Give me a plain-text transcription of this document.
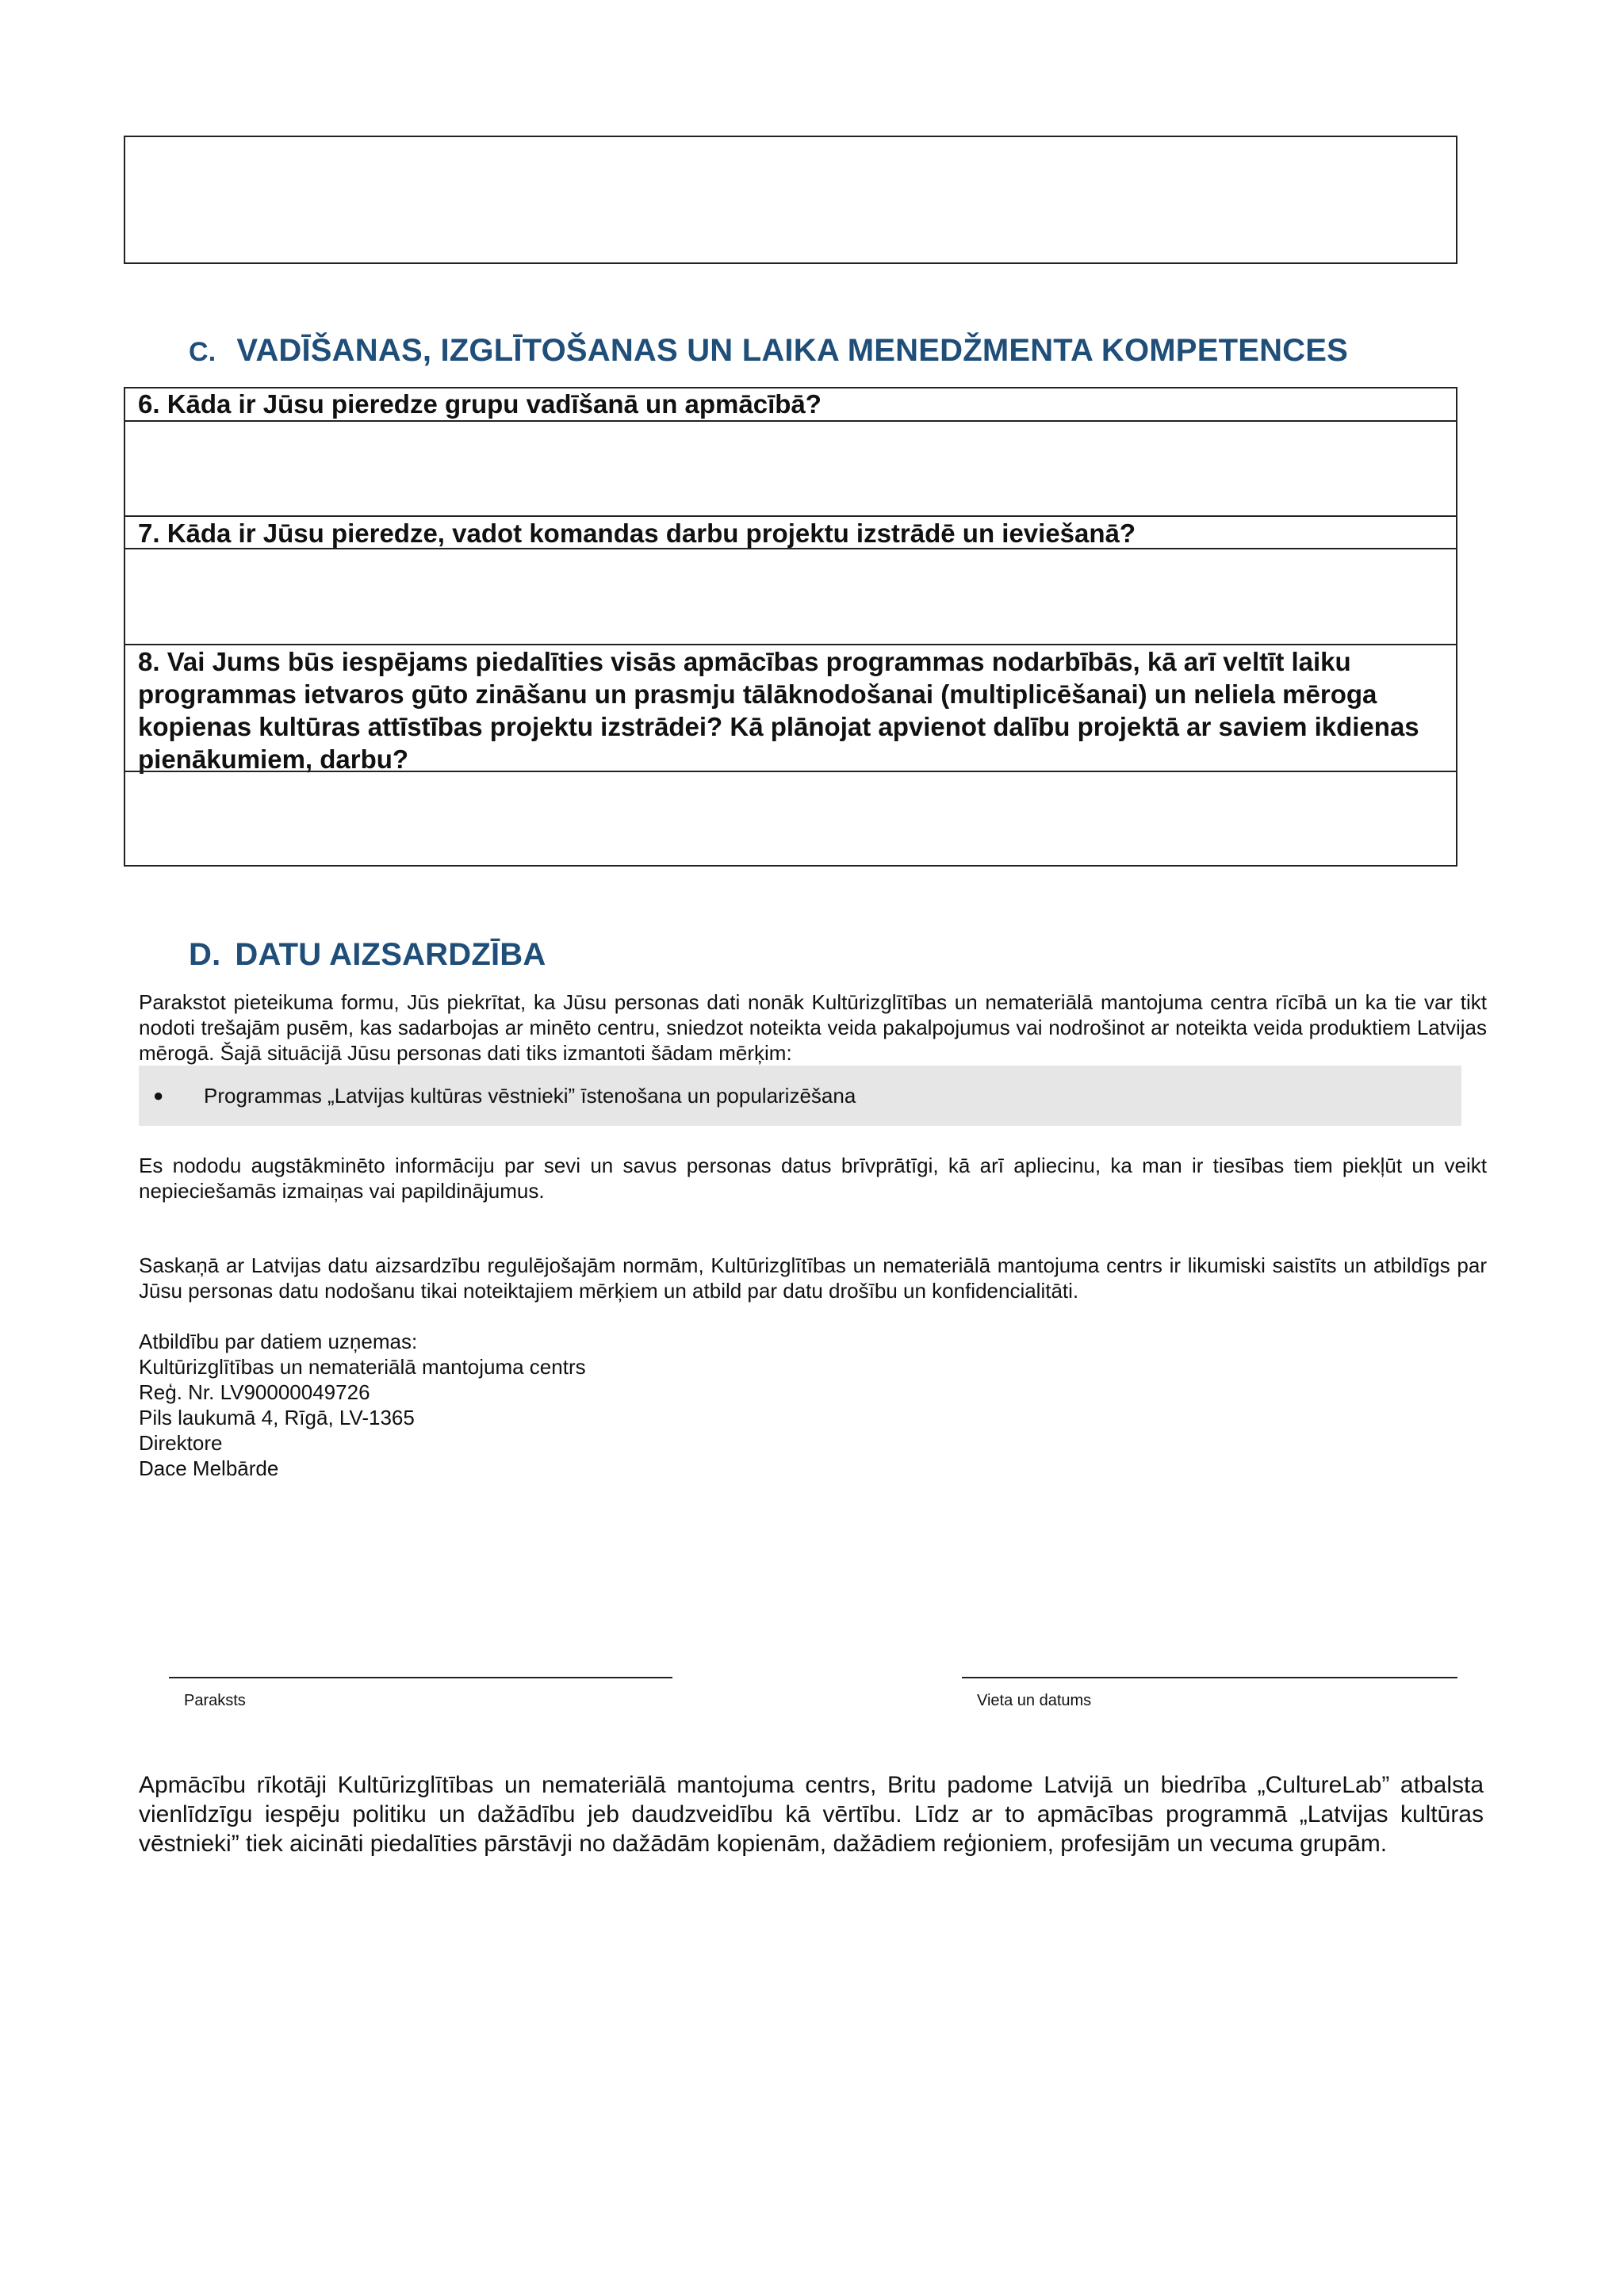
C. VADĪŠANAS, IZGLĪTOŠANAS UN LAIKA MENEDŽMENTA KOMPETENCES
6. Kāda ir Jūsu pieredze grupu vadīšanā un apmācībā?
7. Kāda ir Jūsu pieredze, vadot komandas darbu projektu izstrādē un ieviešanā?
8. Vai Jums būs iespējams piedalīties visās apmācības programmas nodarbībās, kā arī veltīt laiku programmas ietvaros gūto zināšanu un prasmju tālāknodošanai (multiplicēšanai) un neliela mēroga kopienas kultūras attīstības projektu izstrādei? Kā plānojat apvienot dalību projektā ar saviem ikdienas pienākumiem, darbu?
D. DATU AIZSARDZĪBA
Parakstot pieteikuma formu, Jūs piekrītat, ka Jūsu personas dati nonāk Kultūrizglītības un nemateriālā mantojuma centra rīcībā un ka tie var tikt nodoti trešajām pusēm, kas sadarbojas ar minēto centru, sniedzot noteikta veida pakalpojumus vai nodrošinot ar noteikta veida produktiem Latvijas mērogā. Šajā situācijā Jūsu personas dati tiks izmantoti šādam mērķim:
● Programmas „Latvijas kultūras vēstnieki” īstenošana un popularizēšana
Es nododu augstākminēto informāciju par sevi un savus personas datus brīvprātīgi, kā arī apliecinu, ka man ir tiesības tiem piekļūt un veikt nepieciešamās izmaiņas vai papildinājumus.
Saskaņā ar Latvijas datu aizsardzību regulējošajām normām, Kultūrizglītības un nemateriālā mantojuma centrs ir likumiski saistīts un atbildīgs par Jūsu personas datu nodošanu tikai noteiktajiem mērķiem un atbild par datu drošību un konfidencialitāti.
Atbildību par datiem uzņemas:
Kultūrizglītības un nemateriālā mantojuma centrs
Reģ. Nr. LV90000049726
Pils laukumā 4, Rīgā, LV-1365
Direktore
Dace Melbārde
Paraksts	Vieta un datums
Apmācību rīkotāji Kultūrizglītības un nemateriālā mantojuma centrs, Britu padome Latvijā un biedrība „CultureLab” atbalsta vienlīdzīgu iespēju politiku un dažādību jeb daudzveidību kā vērtību. Līdz ar to apmācības programmā „Latvijas kultūras vēstnieki” tiek aicināti piedalīties pārstāvji no dažādām kopienām, dažādiem reģioniem, profesijām un vecuma grupām.
